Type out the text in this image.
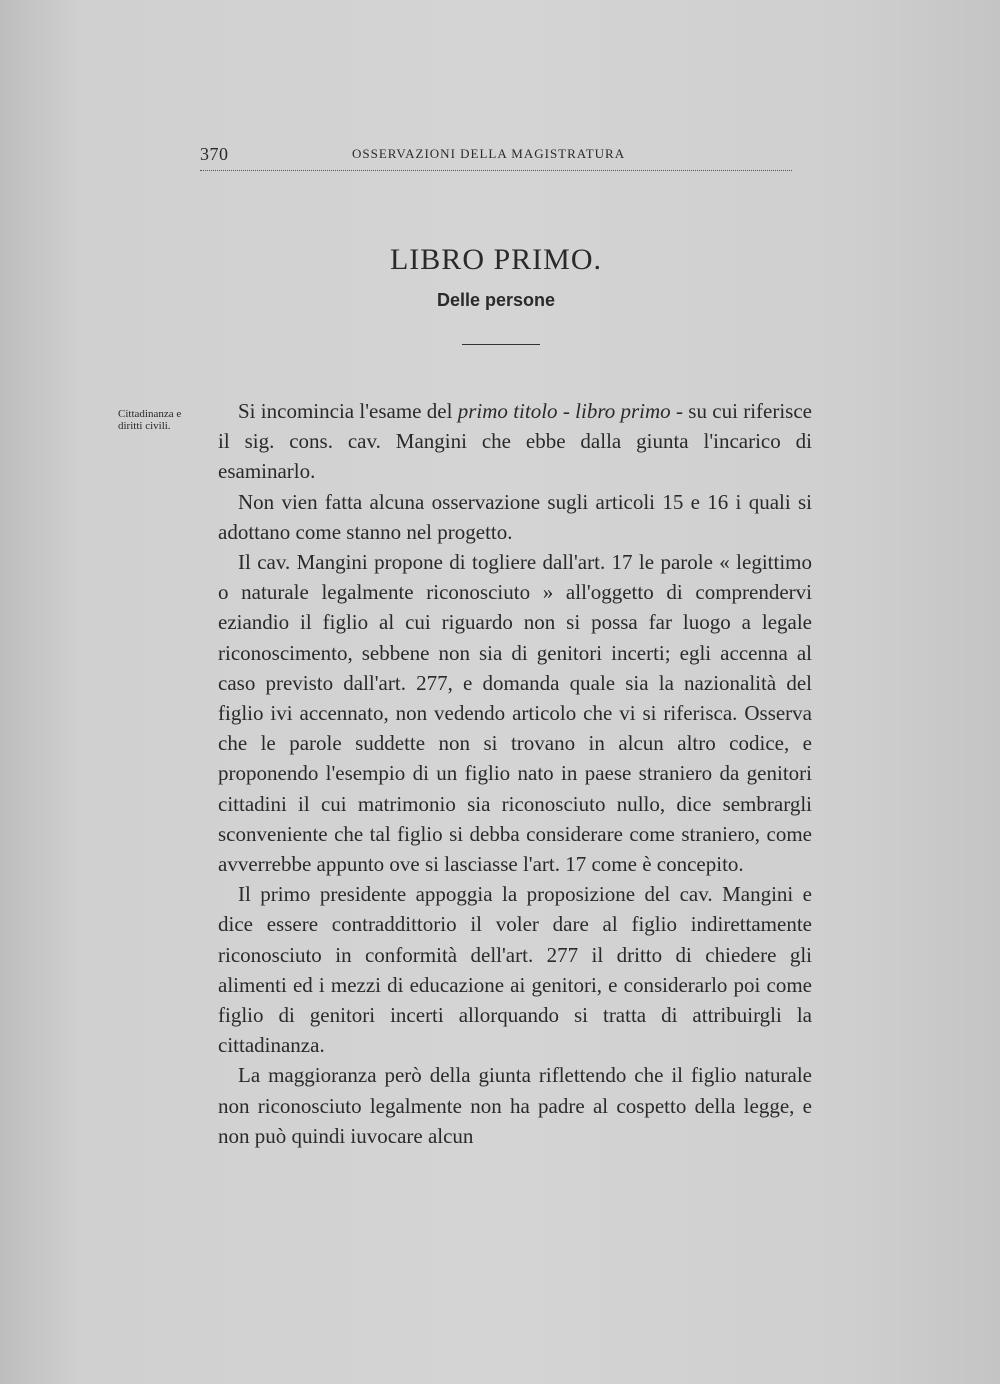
370	OSSERVAZIONI DELLA MAGISTRATURA
LIBRO PRIMO.
Delle persone
Cittadinanza e diritti civili.

Si incomincia l'esame del primo titolo - libro primo - su cui riferisce il sig. cons. cav. Mangini che ebbe dalla giunta l'incarico di esaminarlo.

Non vien fatta alcuna osservazione sugli articoli 15 e 16 i quali si adottano come stanno nel progetto.

Il cav. Mangini propone di togliere dall'art. 17 le parole « legittimo o naturale legalmente riconosciuto » all'oggetto di comprendervi eziandio il figlio al cui riguardo non si possa far luogo a legale riconoscimento, sebbene non sia di genitori incerti; egli accenna al caso previsto dall'art. 277, e domanda quale sia la nazionalità del figlio ivi accennato, non vedendo articolo che vi si riferisca. Osserva che le parole suddette non si trovano in alcun altro codice, e proponendo l'esempio di un figlio nato in paese straniero da genitori cittadini il cui matrimonio sia riconosciuto nullo, dice sembrargli sconveniente che tal figlio si debba considerare come straniero, come avverrebbe appunto ove si lasciasse l'art. 17 come è concepito.

Il primo presidente appoggia la proposizione del cav. Mangini e dice essere contraddittorio il voler dare al figlio indirettamente riconosciuto in conformità dell'art. 277 il dritto di chiedere gli alimenti ed i mezzi di educazione ai genitori, e considerarlo poi come figlio di genitori incerti allorquando si tratta di attribuirgli la cittadinanza.

La maggioranza però della giunta riflettendo che il figlio naturale non riconosciuto legalmente non ha padre al cospetto della legge, e non può quindi iuvocare alcun
